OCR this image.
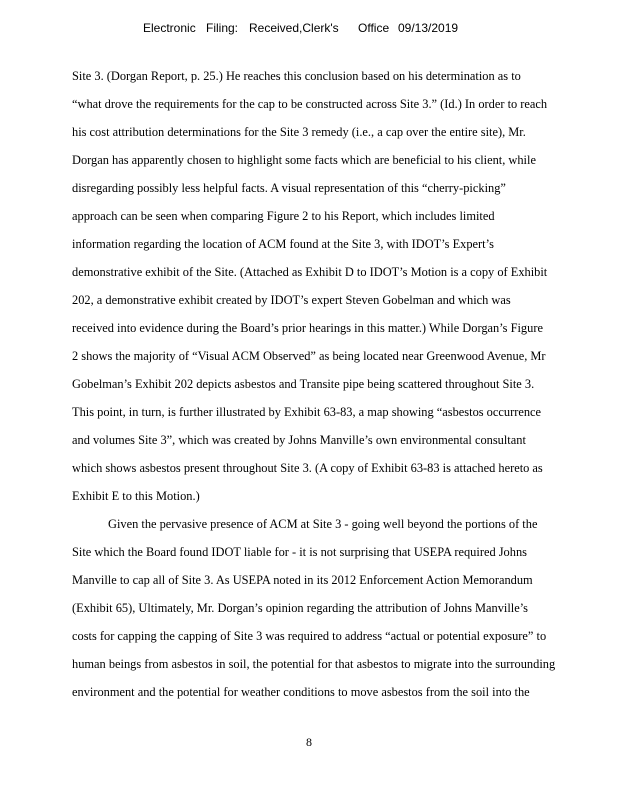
Electronic Filing: Received,Clerk's Office 09/13/2019
Site 3. (Dorgan Report, p. 25.) He reaches this conclusion based on his determination as to
“what drove the requirements for the cap to be constructed across Site 3.” (Id.) In order to reach
his cost attribution determinations for the Site 3 remedy (i.e., a cap over the entire site), Mr.
Dorgan has apparently chosen to highlight some facts which are beneficial to his client, while
disregarding possibly less helpful facts. A visual representation of this “cherry-picking”
approach can be seen when comparing Figure 2 to his Report, which includes limited
information regarding the location of ACM found at the Site 3, with IDOT’s Expert’s
demonstrative exhibit of the Site. (Attached as Exhibit D to IDOT’s Motion is a copy of Exhibit
202, a demonstrative exhibit created by IDOT’s expert Steven Gobelman and which was
received into evidence during the Board’s prior hearings in this matter.) While Dorgan’s Figure
2 shows the majority of “Visual ACM Observed” as being located near Greenwood Avenue, Mr
Gobelman’s Exhibit 202 depicts asbestos and Transite pipe being scattered throughout Site 3.
This point, in turn, is further illustrated by Exhibit 63-83, a map showing “asbestos occurrence
and volumes Site 3”, which was created by Johns Manville’s own environmental consultant
which shows asbestos present throughout Site 3. (A copy of Exhibit 63-83 is attached hereto as
Exhibit E to this Motion.)
Given the pervasive presence of ACM at Site 3 - going well beyond the portions of the
Site which the Board found IDOT liable for - it is not surprising that USEPA required Johns
Manville to cap all of Site 3. As USEPA noted in its 2012 Enforcement Action Memorandum
(Exhibit 65), Ultimately, Mr. Dorgan’s opinion regarding the attribution of Johns Manville’s
costs for capping the capping of Site 3 was required to address “actual or potential exposure” to
human beings from asbestos in soil, the potential for that asbestos to migrate into the surrounding
environment and the potential for weather conditions to move asbestos from the soil into the
8
